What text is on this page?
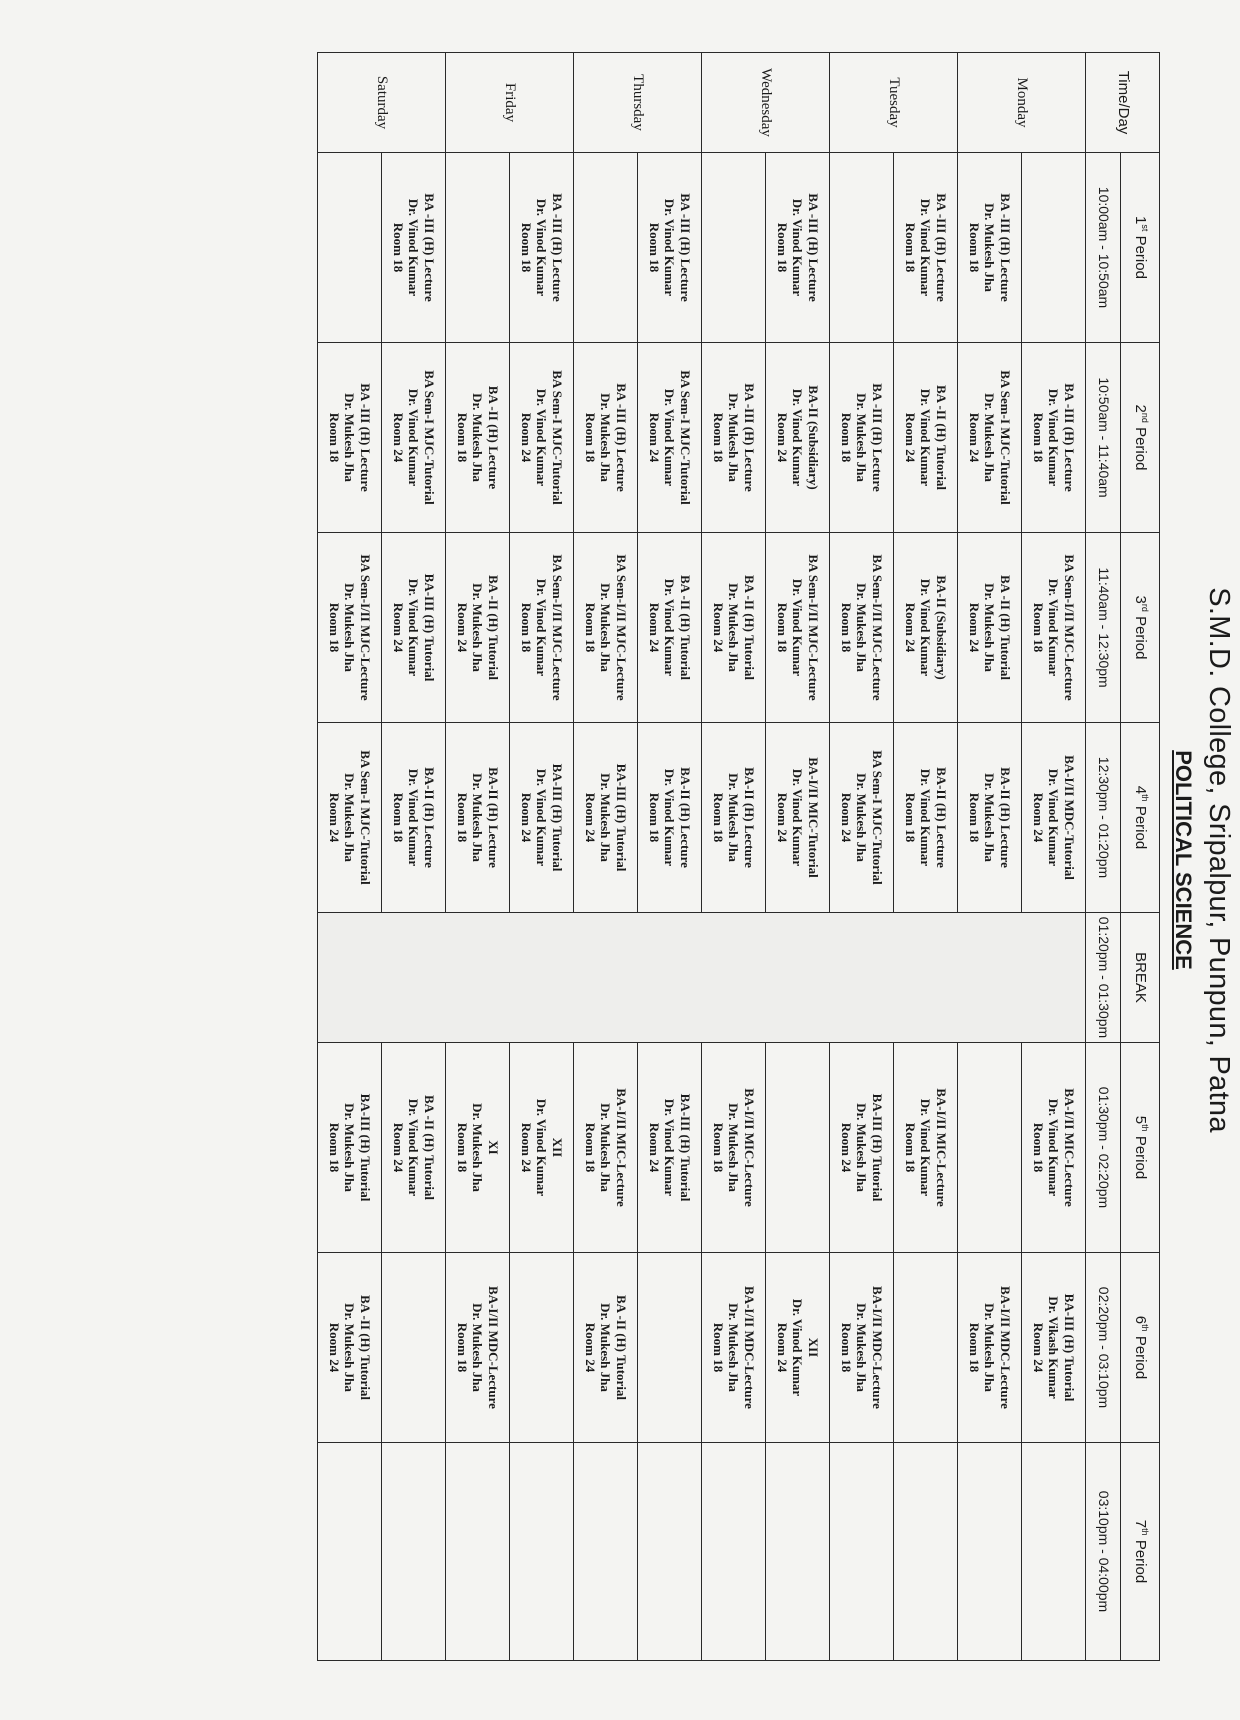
S.M.D. College, Sripalpur, Punpun, Patna
POLITICAL SCIENCE
Time/Day	1st Period	2nd Period	3rd Period	4th Period	BREAK	5th Period	6th Period	7th Period
	10:00am - 10:50am	10:50am - 11:40am	11:40am - 12:30pm	12:30pm - 01:20pm	01:20pm - 01:30pm	01:30pm - 02:20pm	02:20pm - 03:10pm	03:10pm - 04:00pm
Monday		BA -III (H) Lecture
Dr. Vinod Kumar
Room 18	BA Sem-I/II MJC-Lecture
Dr. Vinod Kumar
Room 18	BA-I/II MDC-Tutorial
Dr. Vinod Kumar
Room 24		BA-I/II MIC-Lecture
Dr. Vinod Kumar
Room 18	BA-III (H) Tutorial
Dr. Vikash Kumar
Room 24	

	BA -III (H) Lecture
Dr. Mukesh Jha
Room 18	BA Sem-I MJC-Tutorial
Dr. Mukesh Jha
Room 24	BA -II (H) Tutorial
Dr. Mukesh Jha
Room 24	BA-II (H) Lecture
Dr. Mukesh Jha
Room 18			BA-I/II MDC-Lecture
Dr. Mukesh Jha
Room 18	

Tuesday	BA -III (H) Lecture
Dr. Vinod Kumar
Room 18	BA -II (H) Tutorial
Dr. Vinod Kumar
Room 24	BA-II (Subsidiary)
Dr. Vinod Kumar
Room 24	BA-II (H) Lecture
Dr. Vinod Kumar
Room 18		BA-I/II MIC-Lecture
Dr. Vinod Kumar
Room 18		

		BA -III (H) Lecture
Dr. Mukesh Jha
Room 18	BA Sem-I/II MJC-Lecture
Dr. Mukesh Jha
Room 18	BA Sem-I MJC-Tutorial
Dr. Mukesh Jha
Room 24		BA-III (H) Tutorial
Dr. Mukesh Jha
Room 24	BA-I/II MDC-Lecture
Dr. Mukesh Jha
Room 18	

Wednesday	BA -III (H) Lecture
Dr. Vinod Kumar
Room 18	BA-II (Subsidiary)
Dr. Vinod Kumar
Room 24	BA Sem-I/II MJC-Lecture
Dr. Vinod Kumar
Room 18	BA-I/II MIC-Tutorial
Dr. Vinod Kumar
Room 24			XII
Dr. Vinod Kumar
Room 24	

		BA -III (H) Lecture
Dr. Mukesh Jha
Room 18	BA -II (H) Tutorial
Dr. Mukesh Jha
Room 24	BA-II (H) Lecture
Dr. Mukesh Jha
Room 18		BA-I/II MIC-Lecture
Dr. Mukesh Jha
Room 18	BA-I/II MDC-Lecture
Dr. Mukesh Jha
Room 18	

Thursday	BA -III (H) Lecture
Dr. Vinod Kumar
Room 18	BA Sem-I MJC-Tutorial
Dr. Vinod Kumar
Room 24	BA -II (H) Tutorial
Dr. Vinod Kumar
Room 24	BA-II (H) Lecture
Dr. Vinod Kumar
Room 18		BA-III (H) Tutorial
Dr. Vinod Kumar
Room 24		

		BA -III (H) Lecture
Dr. Mukesh Jha
Room 18	BA Sem-I/II MJC-Lecture
Dr. Mukesh Jha
Room 18	BA-III (H) Tutorial
Dr. Mukesh Jha
Room 24		BA-I/II MIC-Lecture
Dr. Mukesh Jha
Room 18	BA -II (H) Tutorial
Dr. Mukesh Jha
Room 24	

Friday	BA -III (H) Lecture
Dr. Vinod Kumar
Room 18	BA Sem-I MJC-Tutorial
Dr. Vinod Kumar
Room 24	BA Sem-I/II MJC-Lecture
Dr. Vinod Kumar
Room 18	BA-III (H) Tutorial
Dr. Vinod Kumar
Room 24		XII
Dr. Vinod Kumar
Room 24		

		BA -II (H) Lecture
Dr. Mukesh Jha
Room 18	BA -II (H) Tutorial
Dr. Mukesh Jha
Room 24	BA-II (H) Lecture
Dr. Mukesh Jha
Room 18		XI
Dr. Mukesh Jha
Room 18	BA-I/II MDC-Lecture
Dr. Mukesh Jha
Room 18	

Saturday	BA -III (H) Lecture
Dr. Vinod Kumar
Room 18	BA Sem-I MJC-Tutorial
Dr. Vinod Kumar
Room 24	BA-III (H) Tutorial
Dr. Vinod Kumar
Room 24	BA-II (H) Lecture
Dr. Vinod Kumar
Room 18		BA -II (H) Tutorial
Dr. Vinod Kumar
Room 24		

		BA -III (H) Lecture
Dr. Mukesh Jha
Room 18	BA Sem-I/II MJC-Lecture
Dr. Mukesh Jha
Room 18	BA Sem-I MJC-Tutorial
Dr. Mukesh Jha
Room 24		BA-III (H) Tutorial
Dr. Mukesh Jha
Room 18	BA -II (H) Tutorial
Dr. Mukesh Jha
Room 24	
